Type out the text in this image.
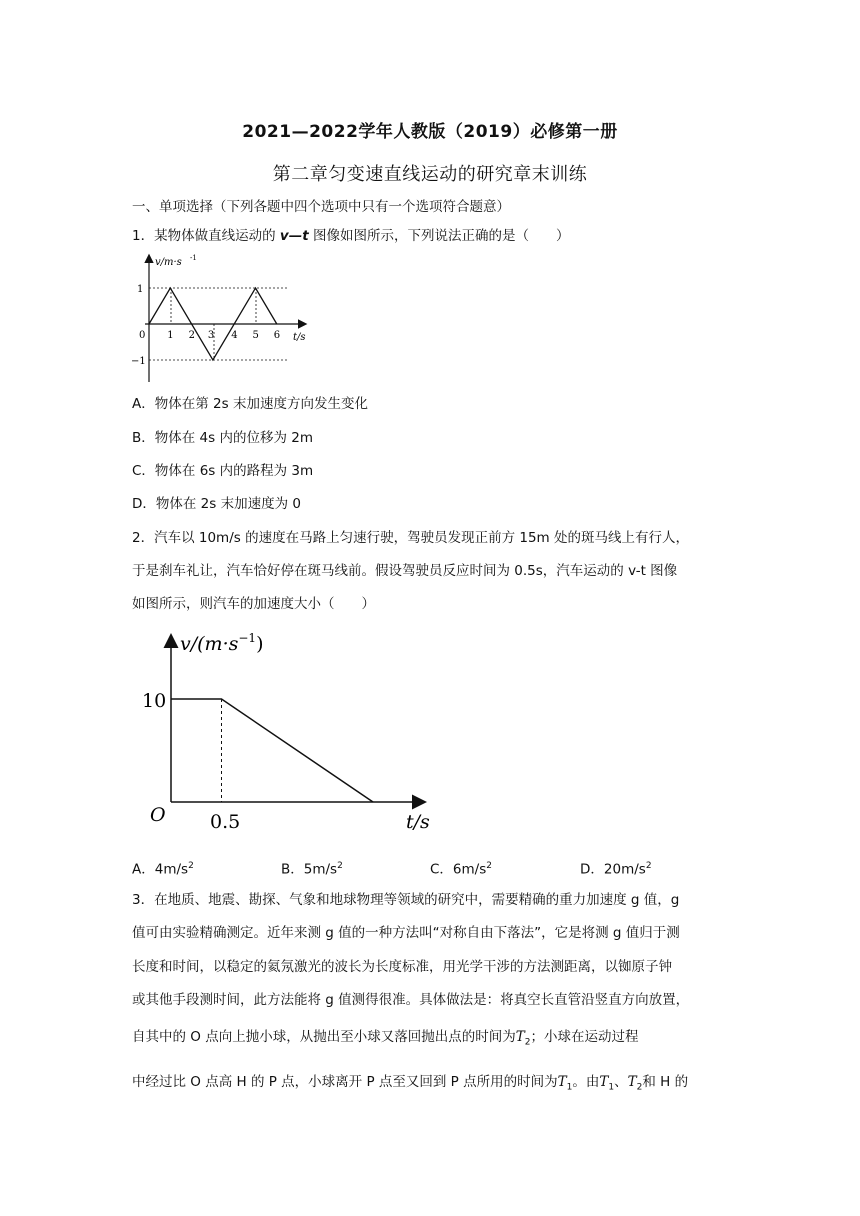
2021—2022学年人教版（2019）必修第一册
第二章匀变速直线运动的研究章末训练
一、单项选择（下列各题中四个选项中只有一个选项符合题意）
1．某物体做直线运动的 v—t 图像如图所示，下列说法正确的是（　　）
v/m·s -1
t/s
0
1
−1
1 2 3 4 5 6
A．物体在第 2s 末加速度方向发生变化
B．物体在 4s 内的位移为 2m
C．物体在 6s 内的路程为 3m
D．物体在 2s 末加速度为 0
2．汽车以 10m/s 的速度在马路上匀速行驶，驾驶员发现正前方 15m 处的斑马线上有行人，
于是刹车礼让，汽车恰好停在斑马线前。假设驾驶员反应时间为 0.5s，汽车运动的 v-t 图像
如图所示，则汽车的加速度大小（　　）
$v/(m\cdot s^{-1})$
10
O 0.5	t/s
A．$4m/s^2$	B．$5m/s^2$	C．$6m/s^2$	D．$20m/s^2$
3．在地质、地震、勘探、气象和地球物理等领域的研究中，需要精确的重力加速度 g 值，g
值可由实验精确测定。近年来测 g 值的一种方法叫“对称自由下落法”，它是将测 g 值归于测
长度和时间，以稳定的氦氖激光的波长为长度标准，用光学干涉的方法测距离，以铷原子钟
或其他手段测时间，此方法能将 g 值测得很准。具体做法是：将真空长直管沿竖直方向放置，
自其中的 O 点向上抛小球，从抛出至小球又落回抛出点的时间为$T_2$；小球在运动过程
中经过比 O 点高 H 的 P 点，小球离开 P 点至又回到 P 点所用的时间为$T_1$。由$T_1$、$T_2$和 H 的
